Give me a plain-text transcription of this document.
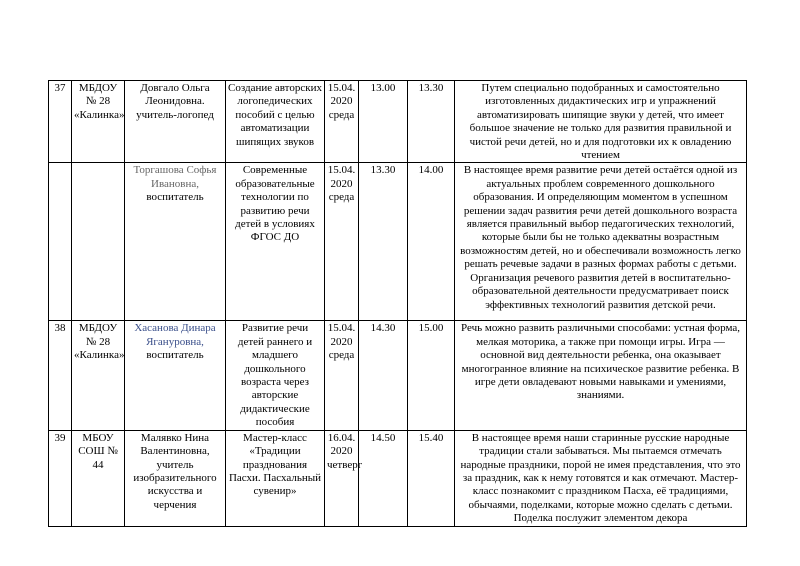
37	МБДОУ № 28 «Калинка»	Довгало Ольга Леонидовна. учитель-логопед	Создание авторских логопедических пособий с целью автоматизации шипящих звуков	15.04. 2020 среда	13.00	13.30	Путем специально подобранных и самостоятельно изготовленных дидактических игр и упражнений автоматизировать шипящие звуки у детей, что имеет большое значение не только для развития правильной и чистой речи детей, но и для подготовки их к овладению чтением
		Торгашова Софья Ивановна, воспитатель	Современные образовательные технологии по развитию речи детей в условиях ФГОС ДО	15.04. 2020 среда	13.30	14.00	В настоящее время развитие речи детей остаётся одной из актуальных проблем современного дошкольного образования. И определяющим моментом в успешном решении задач развития речи детей дошкольного возраста является правильный выбор педагогических технологий, которые были бы не только адекватны возрастным возможностям детей, но и обеспечивали возможность легко решать речевые задачи в разных формах работы с детьми. Организация речевого развития детей в воспитательно- образовательной деятельности предусматривает поиск эффективных технологий развития детской речи.
38	МБДОУ № 28 «Калинка»	Хасанова Динара Ягануровна, воспитатель	Развитие речи детей раннего и младшего дошкольного возраста через авторские дидактические пособия	15.04. 2020 среда	14.30	15.00	Речь можно развить различными способами: устная форма, мелкая моторика, а также при помощи игры. Игра — основной вид деятельности ребенка, она оказывает многогранное влияние на психическое развитие ребенка. В игре дети овладевают новыми навыками и умениями, знаниями.
39	МБОУ СОШ № 44	Малявко Нина Валентиновна, учитель изобразительного искусства и черчения	Мастер-класс «Традиции празднования Пасхи. Пасхальный сувенир»	16.04. 2020 четверг	14.50	15.40	В настоящее время наши старинные русские народные традиции стали забываться. Мы пытаемся отмечать народные праздники, порой не имея представления, что это за праздник, как к нему готовятся и как отмечают. Мастер-класс познакомит с праздником Пасха, её традициями, обычаями, поделками, которые можно сделать с детьми. Поделка послужит элементом декора
